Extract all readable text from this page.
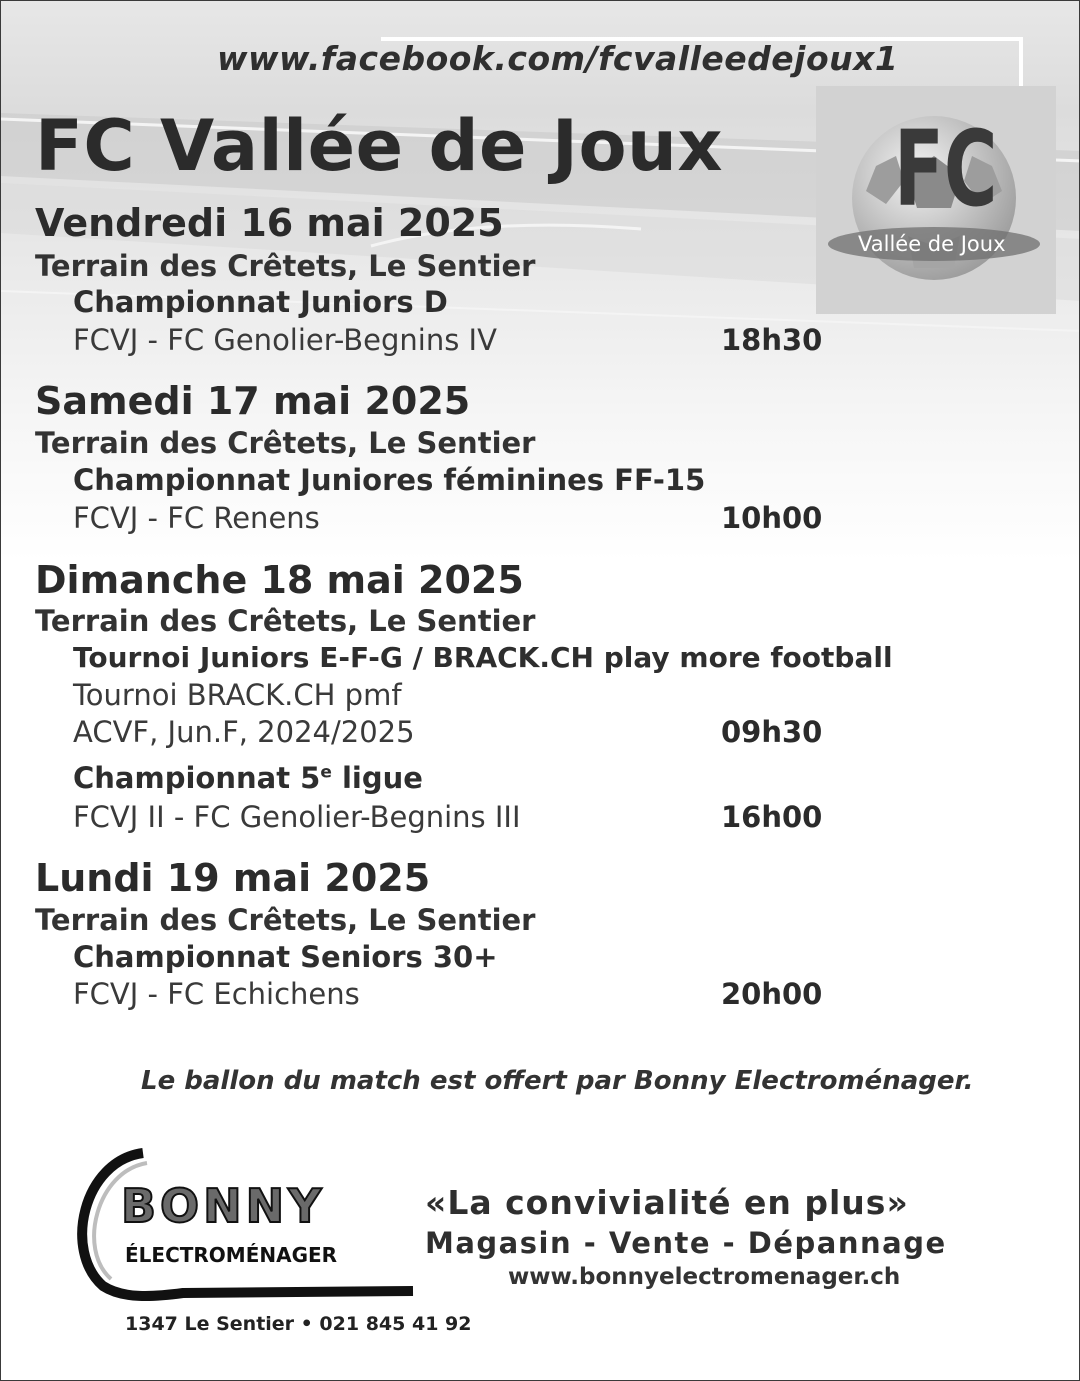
www.facebook.com/fcvalleedejoux1
FC Vallée de Joux FC
Vallée de Joux
Vendredi 16 mai 2025
Terrain des Crêtets, Le Sentier
Championnat Juniors D
FCVJ - FC Genolier-Begnins IV	18h30
Samedi 17 mai 2025
Terrain des Crêtets, Le Sentier
Championnat Juniores féminines FF-15
FCVJ - FC Renens	10h00
Dimanche 18 mai 2025
Terrain des Crêtets, Le Sentier
Tournoi Juniors E-F-G / BRACK.CH play more football
Tournoi BRACK.CH pmf
ACVF, Jun.F, 2024/2025	09h30
Championnat 5e ligue
FCVJ II - FC Genolier-Begnins III	16h00
Lundi 19 mai 2025
Terrain des Crêtets, Le Sentier
Championnat Seniors 30+
FCVJ - FC Echichens	20h00
Le ballon du match est offert par Bonny Electroménager.
BONNY
ÉLECTROMÉNAGER
1347 Le Sentier • 021 845 41 92
«La convivialité en plus»
Magasin - Vente - Dépannage
www.bonnyelectromenager.ch
